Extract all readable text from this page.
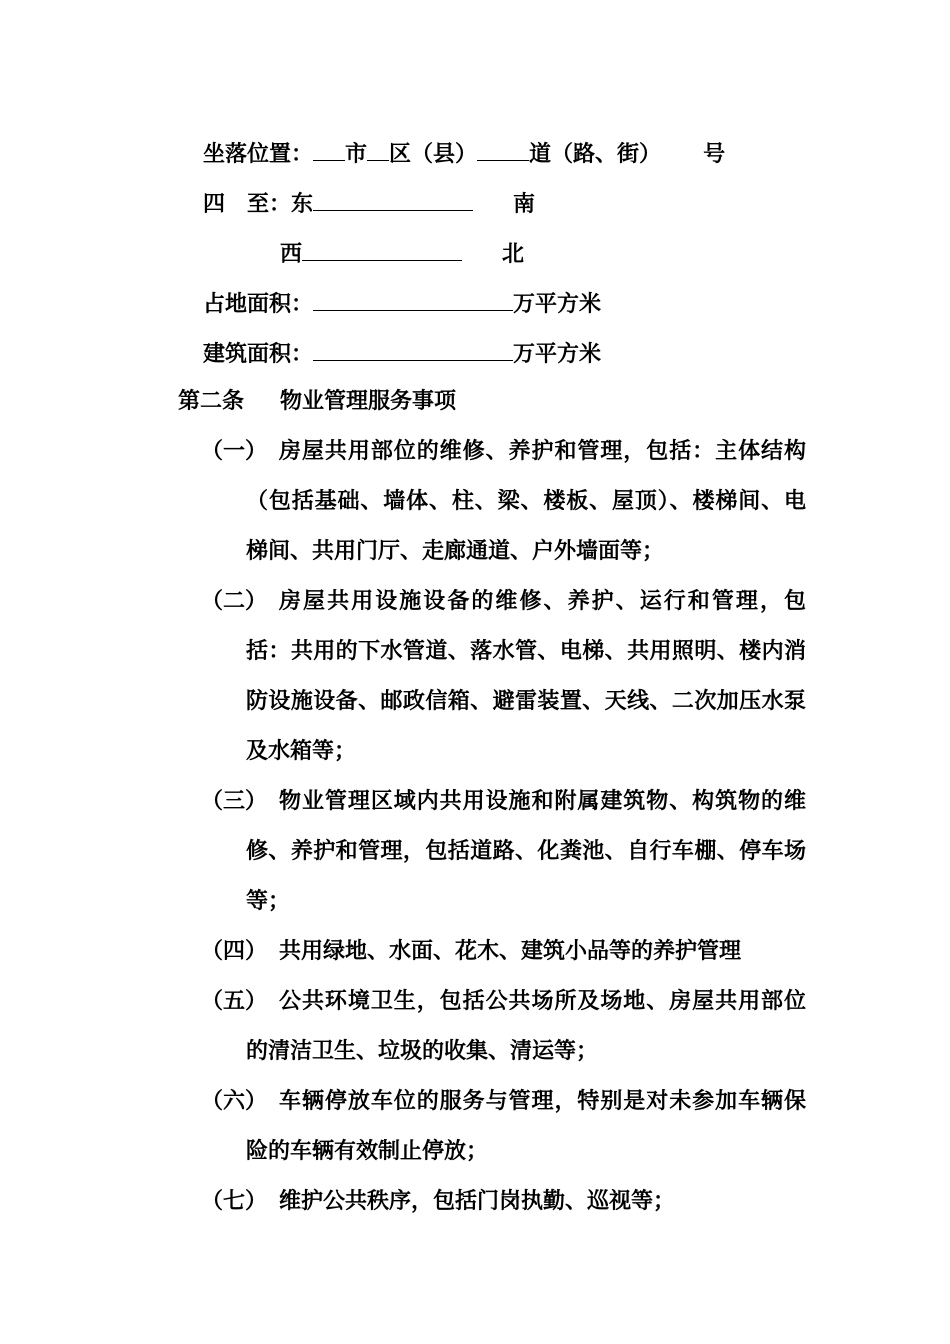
坐落位置： 市 区（县） 道（路、街） 号
四　至：东	南
西	北
占地面积：	万平方米
建筑面积：	万平方米
第二条 物业管理服务事项
（一） 房屋共用部位的维修、养护和管理，包括：主体结构（包括基础、墙体、柱、梁、楼板、屋顶）、楼梯间、电梯间、共用门厅、走廊通道、户外墙面等；
（二） 房屋共用设施设备的维修、养护、运行和管理，包括：共用的下水管道、落水管、电梯、共用照明、楼内消防设施设备、邮政信箱、避雷装置、天线、二次加压水泵及水箱等；
（三） 物业管理区域内共用设施和附属建筑物、构筑物的维修、养护和管理，包括道路、化粪池、自行车棚、停车场等；
（四） 共用绿地、水面、花木、建筑小品等的养护管理
（五） 公共环境卫生，包括公共场所及场地、房屋共用部位的清洁卫生、垃圾的收集、清运等；
（六） 车辆停放车位的服务与管理，特别是对未参加车辆保险的车辆有效制止停放；
（七） 维护公共秩序，包括门岗执勤、巡视等；
